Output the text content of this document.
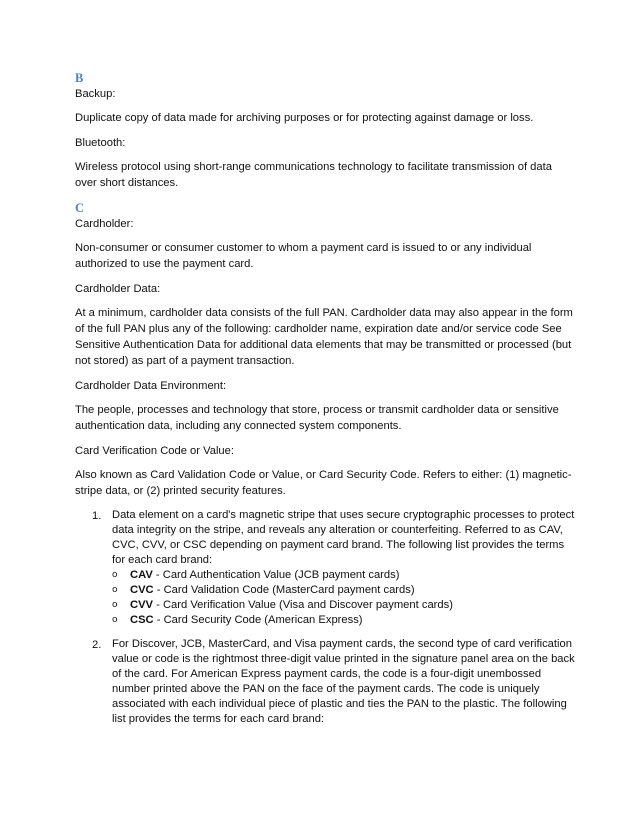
B

Backup:

Duplicate copy of data made for archiving purposes or for protecting against damage or loss.

Bluetooth:

Wireless protocol using short-range communications technology to facilitate transmission of data over short distances.

C

Cardholder:

Non-consumer or consumer customer to whom a payment card is issued to or any individual authorized to use the payment card.

Cardholder Data:

At a minimum, cardholder data consists of the full PAN. Cardholder data may also appear in the form of the full PAN plus any of the following: cardholder name, expiration date and/or service code See Sensitive Authentication Data for additional data elements that may be transmitted or processed (but not stored) as part of a payment transaction.

Cardholder Data Environment:

The people, processes and technology that store, process or transmit cardholder data or sensitive authentication data, including any connected system components.

Card Verification Code or Value:

Also known as Card Validation Code or Value, or Card Security Code. Refers to either: (1) magnetic-stripe data, or (2) printed security features.

1. Data element on a card's magnetic stripe that uses secure cryptographic processes to protect data integrity on the stripe, and reveals any alteration or counterfeiting. Referred to as CAV, CVC, CVV, or CSC depending on payment card brand. The following list provides the terms for each card brand:
o CAV - Card Authentication Value (JCB payment cards)
o CVC - Card Validation Code (MasterCard payment cards)
o CVV - Card Verification Value (Visa and Discover payment cards)
o CSC - Card Security Code (American Express)
2. For Discover, JCB, MasterCard, and Visa payment cards, the second type of card verification value or code is the rightmost three-digit value printed in the signature panel area on the back of the card. For American Express payment cards, the code is a four-digit unembossed number printed above the PAN on the face of the payment cards. The code is uniquely associated with each individual piece of plastic and ties the PAN to the plastic. The following list provides the terms for each card brand:
